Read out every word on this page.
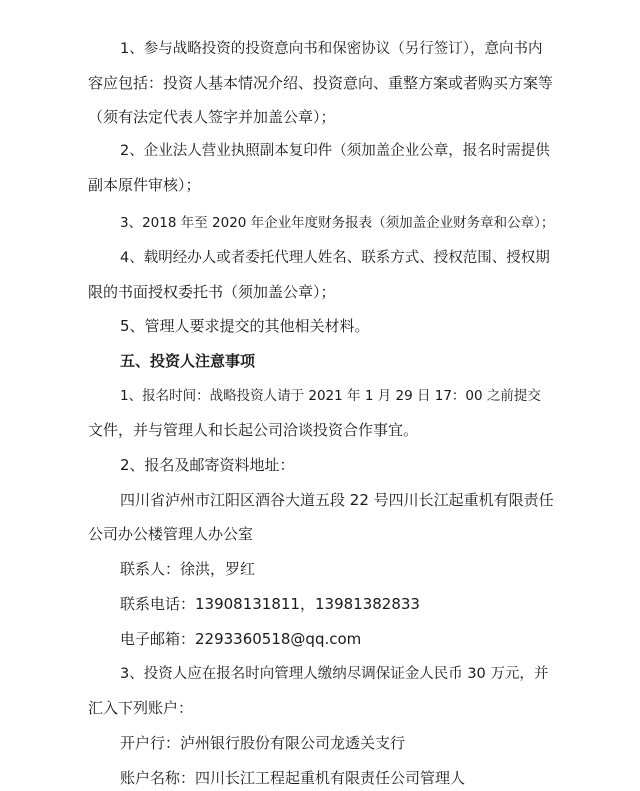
1、参与战略投资的投资意向书和保密协议（另行签订），意向书内
容应包括：投资人基本情况介绍、投资意向、重整方案或者购买方案等
（须有法定代表人签字并加盖公章）；
2、企业法人营业执照副本复印件（须加盖企业公章，报名时需提供
副本原件审核）；
3、2018 年至 2020 年企业年度财务报表（须加盖企业财务章和公章）；
4、载明经办人或者委托代理人姓名、联系方式、授权范围、授权期
限的书面授权委托书（须加盖公章）；
5、管理人要求提交的其他相关材料。
五、投资人注意事项
1、报名时间：战略投资人请于 2021 年 1 月 29 日 17：00 之前提交
文件，并与管理人和长起公司洽谈投资合作事宜。
2、报名及邮寄资料地址：
四川省泸州市江阳区酒谷大道五段 22 号四川长江起重机有限责任
公司办公楼管理人办公室
联系人：徐洪，罗红
联系电话：13908131811，13981382833
电子邮箱：2293360518@qq.com
3、投资人应在报名时向管理人缴纳尽调保证金人民币 30 万元，并
汇入下列账户：
开户行：泸州银行股份有限公司龙透关支行
账户名称：四川长江工程起重机有限责任公司管理人
